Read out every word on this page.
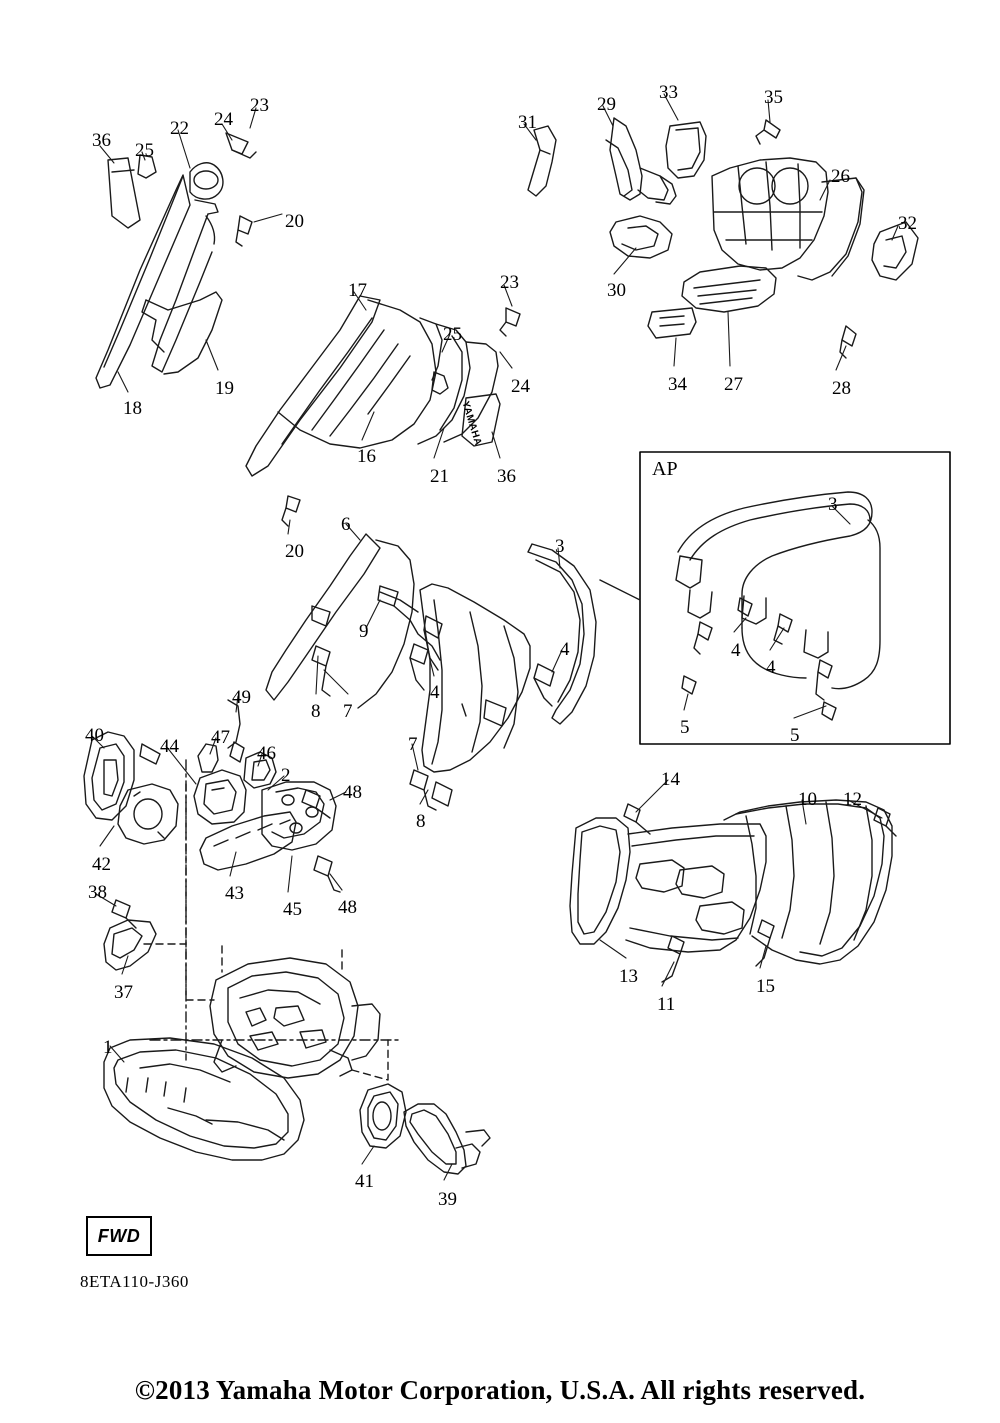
YAMAHA
AP
FWD
8ETA110-J360
©2013 Yamaha Motor Corporation, U.S.A. All rights reserved.
36 25
22 24
23
20
19
18
17	23
25
24
16
21	36
20
31
29
33	35
26
32
30
34 27	28
6
3
9
4
4
8 7
7
8
3
4
4
5	5
49
40
44 47
46
2
48
42
43
45 48
38
37
1
41
39
14
10 12
13
11
15
